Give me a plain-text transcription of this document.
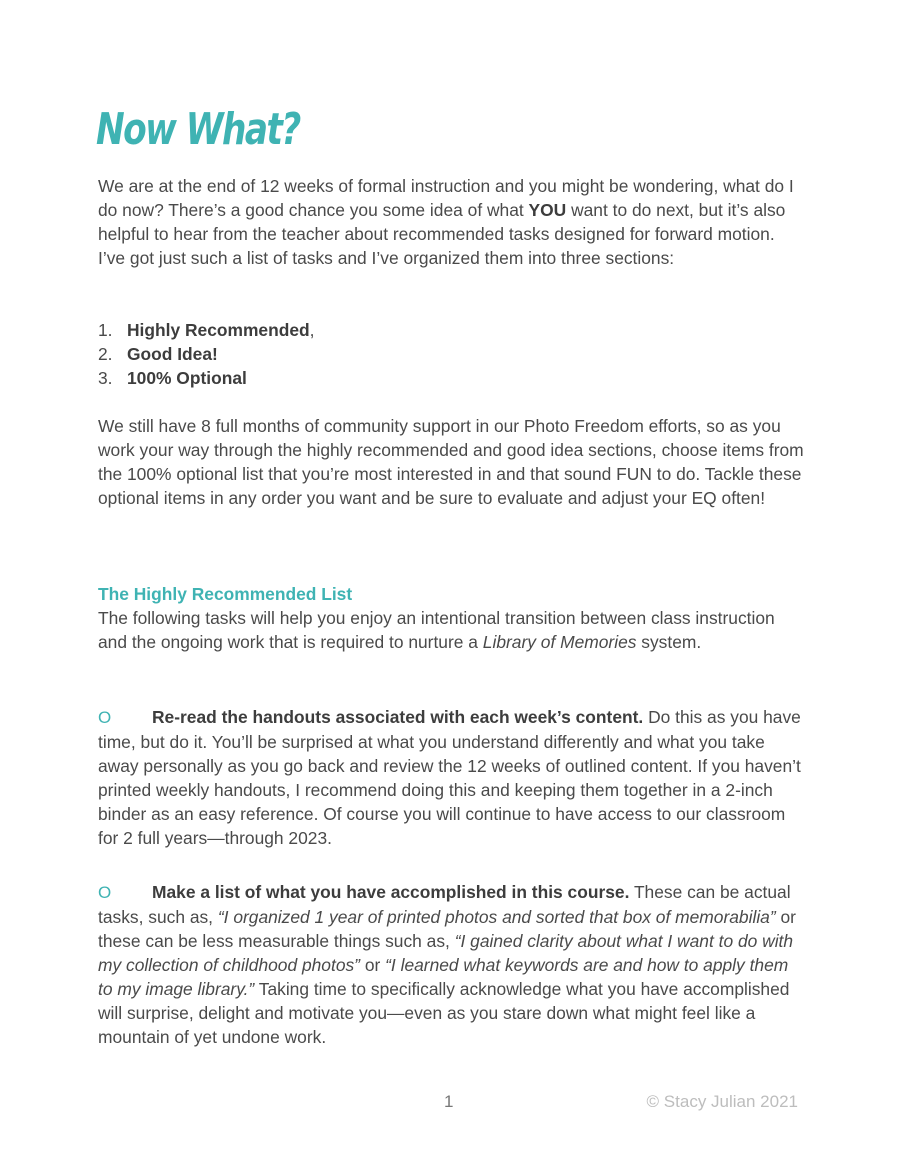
Now What?

We are at the end of 12 weeks of formal instruction and you might be wondering, what do I do now? There’s a good chance you some idea of what YOU want to do next, but it’s also helpful to hear from the teacher about recommended tasks designed for forward motion. I’ve got just such a list of tasks and I’ve organized them into three sections:

1. Highly Recommended ,
2. Good Idea!
3. 100% Optional

We still have 8 full months of community support in our Photo Freedom efforts, so as you work your way through the highly recommended and good idea sections, choose items from the 100% optional list that you’re most interested in and that sound FUN to do. Tackle these optional items in any order you want and be sure to evaluate and adjust your EQ often!

The Highly Recommended List

The following tasks will help you enjoy an intentional transition between class instruction and the ongoing work that is required to nurture a Library of Memories system.

O Re-read the handouts associated with each week’s content. Do this as you have time, but do it. You’ll be surprised at what you understand differently and what you take away personally as you go back and review the 12 weeks of outlined content. If you haven’t printed weekly handouts, I recommend doing this and keeping them together in a 2-inch binder as an easy reference. Of course you will continue to have access to our classroom for 2 full years—through 2023.

O Make a list of what you have accomplished in this course. These can be actual tasks, such as, “I organized 1 year of printed photos and sorted that box of memorabilia” or these can be less measurable things such as, “I gained clarity about what I want to do with my collection of childhood photos” or “I learned what keywords are and how to apply them to my image library.” Taking time to specifically acknowledge what you have accomplished will surprise, delight and motivate you—even as you stare down what might feel like a mountain of yet undone work.

1	© Stacy Julian 2021
